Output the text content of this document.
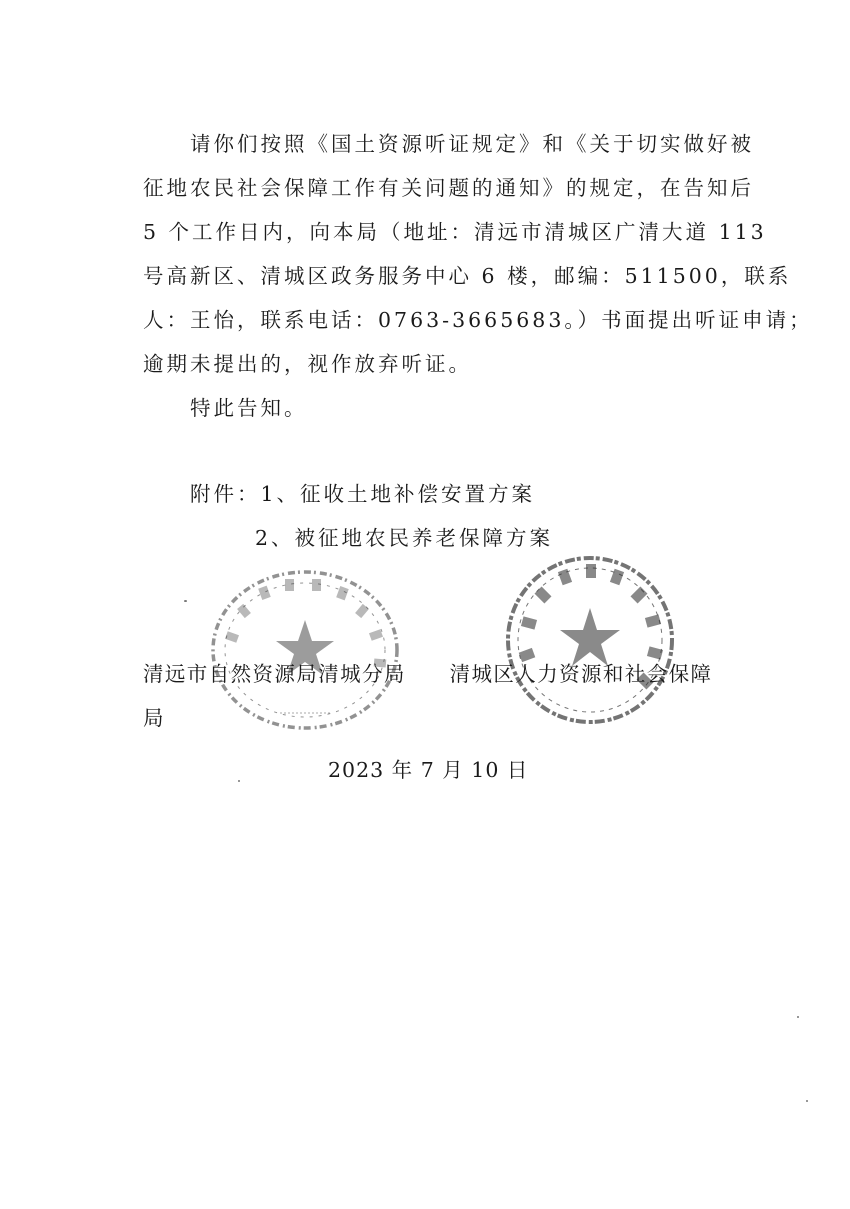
请你们按照《国土资源听证规定》和《关于切实做好被
征地农民社会保障工作有关问题的通知》的规定，在告知后
5 个工作日内，向本局（地址：清远市清城区广清大道 113
号高新区、清城区政务服务中心 6 楼，邮编：511500，联系
人：王怡，联系电话：0763-3665683。）书面提出听证申请；
逾期未提出的，视作放弃听证。
特此告知。
附件：1、征收土地补偿安置方案
2、被征地农民养老保障方案
清远市自然资源局清城分局　　清城区人力资源和社会保障
局
2023 年 7 月 10 日
